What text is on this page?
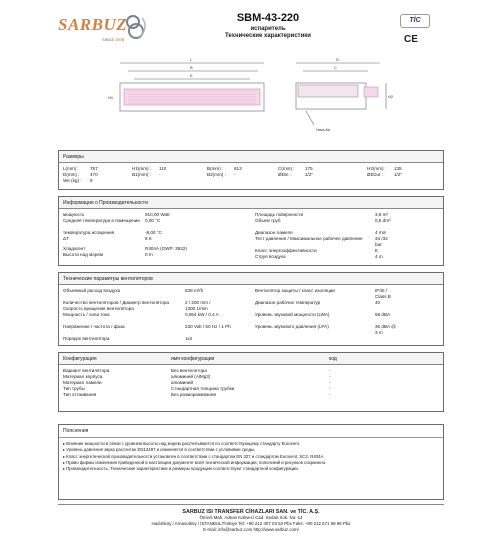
SARBUZ
SINCE 1978
SBM-43-220
испаритель
Технические характеристики
TİC
CE
L
B
E
H1
D
C
H2
Hava Akı
Размеры
L(mm) :	767	H1(mm) :	110	B(mm) :	613	C(mm) :	175	H2(mm) :	135
D(mm) :	470	B1(mm) :	-	B2(mm) :	-	ØDin :	1/2"	ØDout :	1/2"
We (kg) :	8
Информация о Производительности
мощность	910,00 Watt
Средняя температура в помещении	0,00 °C
температура испарения	-8,00 °C
ΔT	8 K
Хладагент	R404A (GWP: 3922)
Высота над морем	0 m
Площадь поверхности	3,6 m²
Объем труб	0,6 dm³
Диапазон ламеля	4 mm
Тест давления / Максимальное рабочее давление	34 /32 bar
Класс энергоэффективности	E
Струя воздуха	4 m
Технические параметры вентиляторов
Объемный расход воздуха	638 m³/h
Количество вентиляторов / Диаметр вентилятора	2 / 200 mm /
Скорость вращения вентилятора	1300 1/min
Мощность / сила тока	0,064 kW / 0,4 A
Напряжение / частота / фаза	230 Volt / 50 Hz / 1 Ph
Порядок вентилятора	1x2
Вентилятор защиты / класс изоляции	IP40 / Class B
Диапазон рабочих температур	40
Уровень звуковой мощности (LWA)	58 dBA
Уровень звукового давления (LPA)	36 dBA @ 3 m
Конфигурация	имя конфигурации	код
Вариант вентилятора	Без вентилятора	-
Материал корпуса	алюминий (AlMg3)	-
Материал ламели	алюминий	-
Тип трубы	Стандартная толщина трубки	-
Тип оттаивания	Без размораживания	-
Пояснения
▸ Влияние мощности в связи с уровнем высоты над морем рассчитывается по соответствующему стандарту Eurovent.
▸ Уровень давления звука рассчитан EN13487 и изменяется в соответствии с условиями среды.
▸ Класс энергетической производительности установлен в соответствии с стандартом EN 327 и стандартом Eurovent, SC2, R404A
▸ Право фирмы изменения приведенной в настоящем документе всей технической информации, пояснений и рисунков сохранено.
▸ Производительность, Технические характеристики и размеры продукции соответствуют стандартной конфигурации.
SARBUZ ISI TRANSFER CİHAZLARI SAN. ve TİC. A.Ş.
Ömerli Mah. Adnan Kahveci Cad. Sedan Sok. No: 14
Hadımköy / Arnavutköy / İSTANBUL/Türkiye Tel: +90 212 407 03 53 Pbx Faks: +90 212 671 99 96 Pbx
E-mail: info@sarbuz.com http://www.sarbuz.com/
